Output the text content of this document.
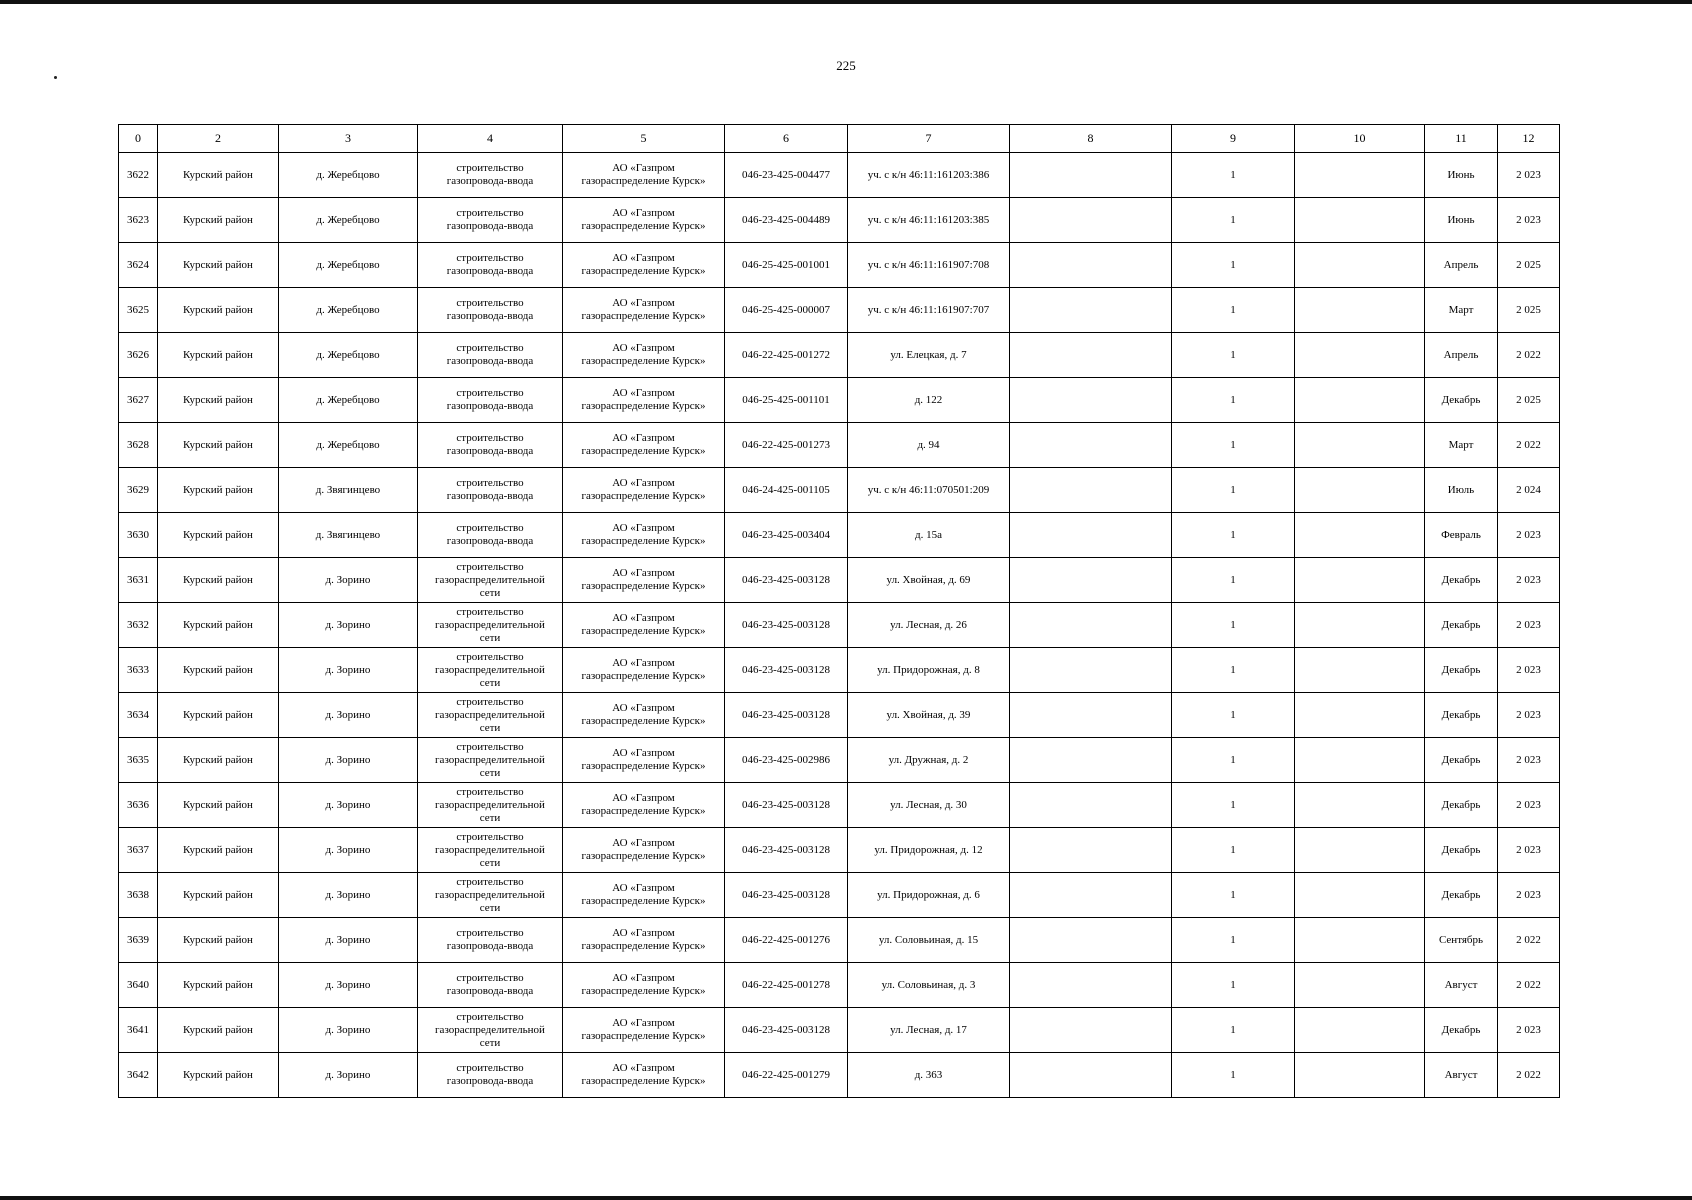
225
0	2	3	4	5	6	7	8	9	10	11	12
3622	Курский район	д. Жеребцово	строительство
газопровода-ввода	АО «Газпром
газораспределение Курск»	046-23-425-004477	уч. с к/н 46:11:161203:386		1		Июнь	2 023
3623	Курский район	д. Жеребцово	строительство
газопровода-ввода	АО «Газпром
газораспределение Курск»	046-23-425-004489	уч. с к/н 46:11:161203:385		1		Июнь	2 023
3624	Курский район	д. Жеребцово	строительство
газопровода-ввода	АО «Газпром
газораспределение Курск»	046-25-425-001001	уч. с к/н 46:11:161907:708		1		Апрель	2 025
3625	Курский район	д. Жеребцово	строительство
газопровода-ввода	АО «Газпром
газораспределение Курск»	046-25-425-000007	уч. с к/н 46:11:161907:707		1		Март	2 025
3626	Курский район	д. Жеребцово	строительство
газопровода-ввода	АО «Газпром
газораспределение Курск»	046-22-425-001272	ул. Елецкая, д. 7		1		Апрель	2 022
3627	Курский район	д. Жеребцово	строительство
газопровода-ввода	АО «Газпром
газораспределение Курск»	046-25-425-001101	д. 122		1		Декабрь	2 025
3628	Курский район	д. Жеребцово	строительство
газопровода-ввода	АО «Газпром
газораспределение Курск»	046-22-425-001273	д. 94		1		Март	2 022
3629	Курский район	д. Звягинцево	строительство
газопровода-ввода	АО «Газпром
газораспределение Курск»	046-24-425-001105	уч. с к/н 46:11:070501:209		1		Июль	2 024
3630	Курский район	д. Звягинцево	строительство
газопровода-ввода	АО «Газпром
газораспределение Курск»	046-23-425-003404	д. 15а		1		Февраль	2 023
3631	Курский район	д. Зорино	строительство
газораспределительной
сети	АО «Газпром
газораспределение Курск»	046-23-425-003128	ул. Хвойная, д. 69		1		Декабрь	2 023
3632	Курский район	д. Зорино	строительство
газораспределительной
сети	АО «Газпром
газораспределение Курск»	046-23-425-003128	ул. Лесная, д. 26		1		Декабрь	2 023
3633	Курский район	д. Зорино	строительство
газораспределительной
сети	АО «Газпром
газораспределение Курск»	046-23-425-003128	ул. Придорожная, д. 8		1		Декабрь	2 023
3634	Курский район	д. Зорино	строительство
газораспределительной
сети	АО «Газпром
газораспределение Курск»	046-23-425-003128	ул. Хвойная, д. 39		1		Декабрь	2 023
3635	Курский район	д. Зорино	строительство
газораспределительной
сети	АО «Газпром
газораспределение Курск»	046-23-425-002986	ул. Дружная, д. 2		1		Декабрь	2 023
3636	Курский район	д. Зорино	строительство
газораспределительной
сети	АО «Газпром
газораспределение Курск»	046-23-425-003128	ул. Лесная, д. 30		1		Декабрь	2 023
3637	Курский район	д. Зорино	строительство
газораспределительной
сети	АО «Газпром
газораспределение Курск»	046-23-425-003128	ул. Придорожная, д. 12		1		Декабрь	2 023
3638	Курский район	д. Зорино	строительство
газораспределительной
сети	АО «Газпром
газораспределение Курск»	046-23-425-003128	ул. Придорожная, д. 6		1		Декабрь	2 023
3639	Курский район	д. Зорино	строительство
газопровода-ввода	АО «Газпром
газораспределение Курск»	046-22-425-001276	ул. Соловьиная, д. 15		1		Сентябрь	2 022
3640	Курский район	д. Зорино	строительство
газопровода-ввода	АО «Газпром
газораспределение Курск»	046-22-425-001278	ул. Соловьиная, д. 3		1		Август	2 022
3641	Курский район	д. Зорино	строительство
газораспределительной
сети	АО «Газпром
газораспределение Курск»	046-23-425-003128	ул. Лесная, д. 17		1		Декабрь	2 023
3642	Курский район	д. Зорино	строительство
газопровода-ввода	АО «Газпром
газораспределение Курск»	046-22-425-001279	д. 363		1		Август	2 022
